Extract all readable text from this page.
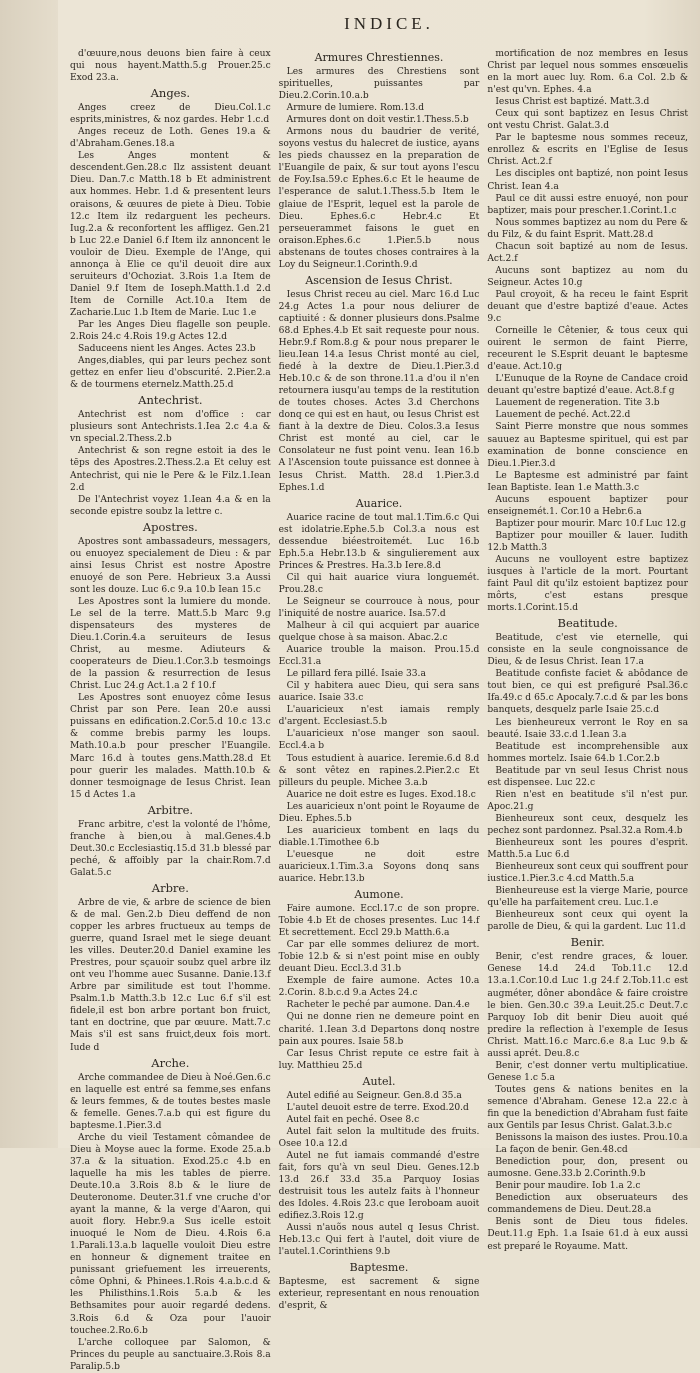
INDICE.

d'œuure,nous deuons bien faire à ceux qui nous hayent.Matth.5.g Prouer.25.c Exod 23.a.

Anges.

Anges creez de Dieu.Col.1.c esprits,ministres, & noz gardes. Hebr 1.c.d

Anges receuz de Loth. Genes 19.a & d'Abraham.Genes.18.a

Les Anges montent & descendent.Gen.28.c Ilz assistent deuant Dieu. Dan.7.c Matth.18 b Et administrent aux hommes. Hebr. 1.d & presentent leurs oraisons, & œuures de piete à Dieu. Tobie 12.c Item ilz redarguent les pecheurs. Iug.2.a & reconfortent les affligez. Gen.21 b Luc 22.e Daniel 6.f Item ilz annoncent le vouloir de Dieu. Exemple de l'Ange, qui annonça à Elie ce qu'il deuoit dire aux seruiteurs d'Ochoziat. 3.Rois 1.a Item de Daniel 9.f Item de Ioseph.Matth.1.d 2.d Item de Cornille Act.10.a Item de Zacharie.Luc 1.b Item de Marie. Luc 1.e

Par les Anges Dieu flagelle son peuple. 2.Rois 24.c 4.Rois 19.g Actes 12.d

Saduceens nient les Anges. Actes 23.b

Anges,diables, qui par leurs pechez sont gettez en enfer lieu d'obscurité. 2.Pier.2.a & de tourmens eternelz.Matth.25.d

Antechrist.

Antechrist est nom d'office : car plusieurs sont Antechrists.1.Iea 2.c 4.a & vn special.2.Thess.2.b

Antechrist & son regne estoit ia des le tēps des Apostres.2.Thess.2.a Et celuy est Antechrist, qui nie le Pere & le Filz.1.Iean 2.d

De l'Antechrist voyez 1.Iean 4.a & en la seconde epistre soubz la lettre c.

Apostres.

Apostres sont ambassadeurs, messagers, ou enuoyez specialement de Dieu : & par ainsi Iesus Christ est nostre Apostre enuoyé de son Pere. Hebrieux 3.a Aussi sont les douze. Luc 6.c 9.a 10.b Iean 15.c

Les Apostres sont la lumiere du monde. Le sel de la terre. Matt.5.b Marc 9.g dispensateurs des mysteres de Dieu.1.Corin.4.a seruiteurs de Iesus Christ, au mesme. Adiuteurs & cooperateurs de Dieu.1.Cor.3.b tesmoings de la passion & resurrection de Iesus Christ. Luc 24.g Act.1.a 2 f 10.f

Les Apostres sont enuoyez côme Iesus Christ par son Pere. Iean 20.e aussi puissans en edification.2.Cor.5.d 10.c 13.c & comme brebis parmy les loups. Math.10.a.b pour prescher l'Euangile. Marc 16.d à toutes gens.Matth.28.d Et pour guerir les malades. Matth.10.b & donner tesmoignage de Iesus Christ. Iean 15 d Actes 1.a

Arbitre.

Franc arbitre, c'est la volonté de l'hôme, franche à bien,ou à mal.Genes.4.b Deut.30.c Ecclesiastiq.15.d 31.b blessé par peché, & affoibly par la chair.Rom.7.d Galat.5.c

Arbre.

Arbre de vie, & arbre de science de bien & de mal. Gen.2.b Dieu deffend de non copper les arbres fructueux au temps de guerre, quand Israel met le siege deuant les villes. Deuter.20.d Daniel examine les Prestres, pour sçauoir soubz quel arbre ilz ont veu l'homme auec Susanne. Danie.13.f Arbre par similitude est tout l'homme. Psalm.1.b Matth.3.b 12.c Luc 6.f s'il est fidele,il est bon arbre portant bon fruict, tant en doctrine, que par œuure. Matt.7.c Mais s'il est sans fruict,deux fois mort. Iude d

Arche.

Arche commandee de Dieu à Noé.Gen.6.c en laquelle est entré sa femme,ses enfans & leurs femmes, & de toutes bestes masle & femelle. Genes.7.a.b qui est figure du baptesme.1.Pier.3.d

Arche du vieil Testament cômandee de Dieu à Moyse auec la forme. Exode 25.a.b 37.a & la situation. Exod.25.c 4.b en laquelle ha mis les tables de pierre. Deute.10.a 3.Rois 8.b & le liure de Deuteronome. Deuter.31.f vne cruche d'or ayant la manne, & la verge d'Aaron, qui auoit flory. Hebr.9.a Sus icelle estoit inuoqué le Nom de Dieu. 4.Rois 6.a 1.Parali.13.a.b laquelle vouloit Dieu estre en honneur & dignement traitee en punissant griefuement les irreuerents, côme Ophni, & Phinees.1.Rois 4.a.b.c.d & les Philisthins.1.Rois 5.a.b & les Bethsamites pour auoir regardé dedens. 3.Rois 6.d & Oza pour l'auoir touchee.2.Ro.6.b

L'arche colloquee par Salomon, & Princes du peuple au sanctuaire.3.Rois 8.a Paralip.5.b

Armures Chrestiennes.

Les armures des Chrestiens sont spirituelles, puissantes par Dieu.2.Corin.10.a.b

Armure de lumiere. Rom.13.d

Armures dont on doit vestir.1.Thess.5.b

Armons nous du baudrier de verité, soyons vestus du halecret de iustice, ayans les pieds chaussez en la preparation de l'Euangile de paix, & sur tout ayons l'escu de Foy.Isa.59.c Ephes.6.c Et le heaume de l'esperance de salut.1.Thess.5.b Item le glaiue de l'Esprit, lequel est la parole de Dieu. Ephes.6.c Hebr.4.c Et perseuerammet faisons le guet en oraison.Ephes.6.c 1.Pier.5.b nous abstenans de toutes choses contraires à la Loy du Seigneur.1.Corinth.9.d

Ascension de Iesus Christ.

Iesus Christ receu au ciel. Marc 16.d Luc 24.g Actes 1.a pour nous deliurer de captiuité : & donner plusieurs dons.Psalme 68.d Ephes.4.b Et sait requeste pour nous. Hebr.9.f Rom.8.g & pour nous preparer le lieu.Iean 14.a Iesus Christ monté au ciel, fiedé à la dextre de Dieu.1.Pier.3.d Heb.10.c & de son throne.11.a d'ou il n'en retournera iusqu'au temps de la restitution de toutes choses. Actes 3.d Cherchons donq ce qui est en haut, ou Iesus Christ est fiant à la dextre de Dieu. Colos.3.a Iesus Christ est monté au ciel, car le Consolateur ne fust point venu. Iean 16.b A l'Ascension toute puissance est donnee à Iesus Christ. Matth. 28.d 1.Pier.3.d Ephes.1.d

Auarice.

Auarice racine de tout mal.1.Tim.6.c Qui est idolatrie.Ephe.5.b Col.3.a nous est dessendue biéestroitemét. Luc 16.b Eph.5.a Hebr.13.b & singulierement aux Princes & Prestres. Ha.3.b Iere.8.d

Cil qui hait auarice viura longuemét. Prou.28.c

Le Seigneur se courrouce à nous, pour l'iniquité de nostre auarice. Isa.57.d

Malheur à cil qui acquiert par auarice quelque chose à sa maison. Abac.2.c

Auarice trouble la maison. Prou.15.d Eccl.31.a

Le pillard fera pillé. Isaie 33.a

Cil y habitera auec Dieu, qui sera sans auarice. Isaie 33.c

L'auaricieux n'est iamais remply d'argent. Ecclesiast.5.b

L'auaricieux n'ose manger son saoul. Eccl.4.a b

Tous estudient à auarice. Ieremie.6.d 8.d & sont vêtez en rapines.2.Pier.2.c Et pilleurs du peuple. Michee 3.a.b

Auarice ne doit estre es Iuges. Exod.18.c

Les auaricieux n'ont point le Royaume de Dieu. Ephes.5.b

Les auaricieux tombent en laqs du diable.1.Timothee 6.b

L'euesque ne doit estre auaricieux.1.Tim.3.a Soyons donq sans auarice. Hebr.13.b

Aumone.

Faire aumone. Eccl.17.c de son propre. Tobie 4.b Et de choses presentes. Luc 14.f Et secrettement. Eccl 29.b Matth.6.a

Car par elle sommes deliurez de mort. Tobie 12.b & si n'est point mise en oubly deuant Dieu. Eccl.3.d 31.b

Exemple de faire aumone. Actes 10.a 2.Corin. 8.b.c.d 9.a Actes 24.c

Racheter le peché par aumone. Dan.4.e

Qui ne donne rien ne demeure point en charité. 1.Iean 3.d Departons donq nostre pain aux poures. Isaie 58.b

Car Iesus Christ repute ce estre fait à luy. Matthieu 25.d

Autel.

Autel edifié au Seigneur. Gen.8.d 35.a

L'autel deuoit estre de terre. Exod.20.d

Autel fait en peché. Osee 8.c

Autel fait selon la multitude des fruits. Osee 10.a 12.d

Autel ne fut iamais commandé d'estre fait, fors qu'à vn seul Dieu. Genes.12.b 13.d 26.f 33.d 35.a Parquoy Iosias destruisit tous les autelz faits à l'honneur des Idoles. 4.Rois 23.c que Ieroboam auoit edifiez.3.Rois 12.g

Aussi n'auõs nous autel q Iesus Christ. Heb.13.c Qui fert à l'autel, doit viure de l'autel.1.Corinthiens 9.b

Baptesme.

Baptesme, est sacrement & signe exterieur, representant en nous renouation d'esprit, &

mortification de noz membres en Iesus Christ par lequel nous sommes ensœuelis en la mort auec luy. Rom. 6.a Col. 2.b & n'est qu'vn. Ephes. 4.a

Iesus Christ est baptizé. Matt.3.d

Ceux qui sont baptizez en Iesus Christ ont vestu Christ. Galat.3.d

Par le baptesme nous sommes receuz, enrollez & escrits en l'Eglise de Iesus Christ. Act.2.f

Les disciples ont baptizé, non point Iesus Christ. Iean 4.a

Paul ce dit aussi estre enuoyé, non pour baptizer, mais pour prescher.1.Corint.1.c

Nous sommes baptizez au nom du Pere & du Filz, & du faint Esprit. Matt.28.d

Chacun soit baptizé au nom de Iesus. Act.2.f

Aucuns sont baptizez au nom du Seigneur. Actes 10.g

Paul croyoit, & ha receu le faint Esprit deuant que d'estre baptizé d'eaue. Actes 9.c

Corneille le Cêtenier, & tous ceux qui ouirent le sermon de faint Pierre, receurent le S.Esprit deuant le baptesme d'eaue. Act.10.g

L'Eunuque de la Royne de Candace croid deuant qu'estre baptizé d'eaue. Act.8.f g

Lauement de regeneration. Tite 3.b

Lauement de peché. Act.22.d

Saint Pierre monstre que nous sommes sauuez au Baptesme spirituel, qui est par examination de bonne conscience en Dieu.1.Pier.3.d

Le Baptesme est administré par faint Iean Baptiste. Iean 1.e Matth.3.c

Aucuns espouent baptizer pour enseignemét.1. Cor.10 a Hebr.6.a

Baptizer pour mourir. Marc 10.f Luc 12.g

Baptizer pour mouiller & lauer. Iudith 12.b Matth.3

Aucuns ne voulloyent estre baptizez iusques à l'article de la mort. Pourtant faint Paul dit qu'ilz estoient baptizez pour môrts, c'est estans presque morts.1.Corint.15.d

Beatitude.

Beatitude, c'est vie eternelle, qui consiste en la seule congnoissance de Dieu, & de Iesus Christ. Iean 17.a

Beatitude confiste faciet & abôdance de tout bien, ce qui est prefiguré Psal.36.c Ifa.49.c d 65.c Apocaly.7.c.d & par les bons banquets, desquelz parle Isaie 25.c.d

Les bienheureux verront le Roy en sa beauté. Isaie 33.c.d 1.Iean 3.a

Beatitude est incomprehensible aux hommes mortelz. Isaie 64.b 1.Cor.2.b

Beatitude par vn seul Iesus Christ nous est dispensee. Luc 22.c

Rien n'est en beatitude s'il n'est pur. Apoc.21.g

Bienheureux sont ceux, desquelz les pechez sont pardonnez. Psal.32.a Rom.4.b

Bienheureux sont les poures d'esprit. Matth.5.a Luc 6.d

Bienheureux sont ceux qui souffrent pour iustice.1.Pier.3.c 4.cd Matth.5.a

Bienheureuse est la vierge Marie, pource qu'elle ha parfaitement creu. Luc.1.e

Bienheureux sont ceux qui oyent la parolle de Dieu, & qui la gardent. Luc 11.d

Benir.

Benir, c'est rendre graces, & louer. Genese 14.d 24.d Tob.11.c 12.d 13.a.1.Cor.10.d Luc 1.g 24.f 2.Tob.11.c est augméter, dôner abondâce & faire croistre le bien. Gen.30.c 39.a Leuit.25.c Deut.7.c Parquoy Iob dit benir Dieu auoit qué predire la reflection à l'exemple de Iesus Christ. Matt.16.c Marc.6.e 8.a Luc 9.b & aussi aprét. Deu.8.c

Benir, c'est donner vertu multiplicatiue. Genese 1.c 5.a

Toutes gens & nations benites en la semence d'Abraham. Genese 12.a 22.c à fin que la benediction d'Abraham fust faite aux Gentils par Iesus Christ. Galat.3.b.c

Benissons la maison des iustes. Prou.10.a

La façon de benir. Gen.48.cd

Benediction pour, don, present ou aumosne. Gene.33.b 2.Corinth.9.b

Benir pour maudire. Iob 1.a 2.c

Benediction aux obseruateurs des commandemens de Dieu. Deut.28.a

Benis sont de Dieu tous fideles. Deut.11.g Eph. 1.a Isaie 61.d à eux aussi est preparé le Royaume. Matt.
